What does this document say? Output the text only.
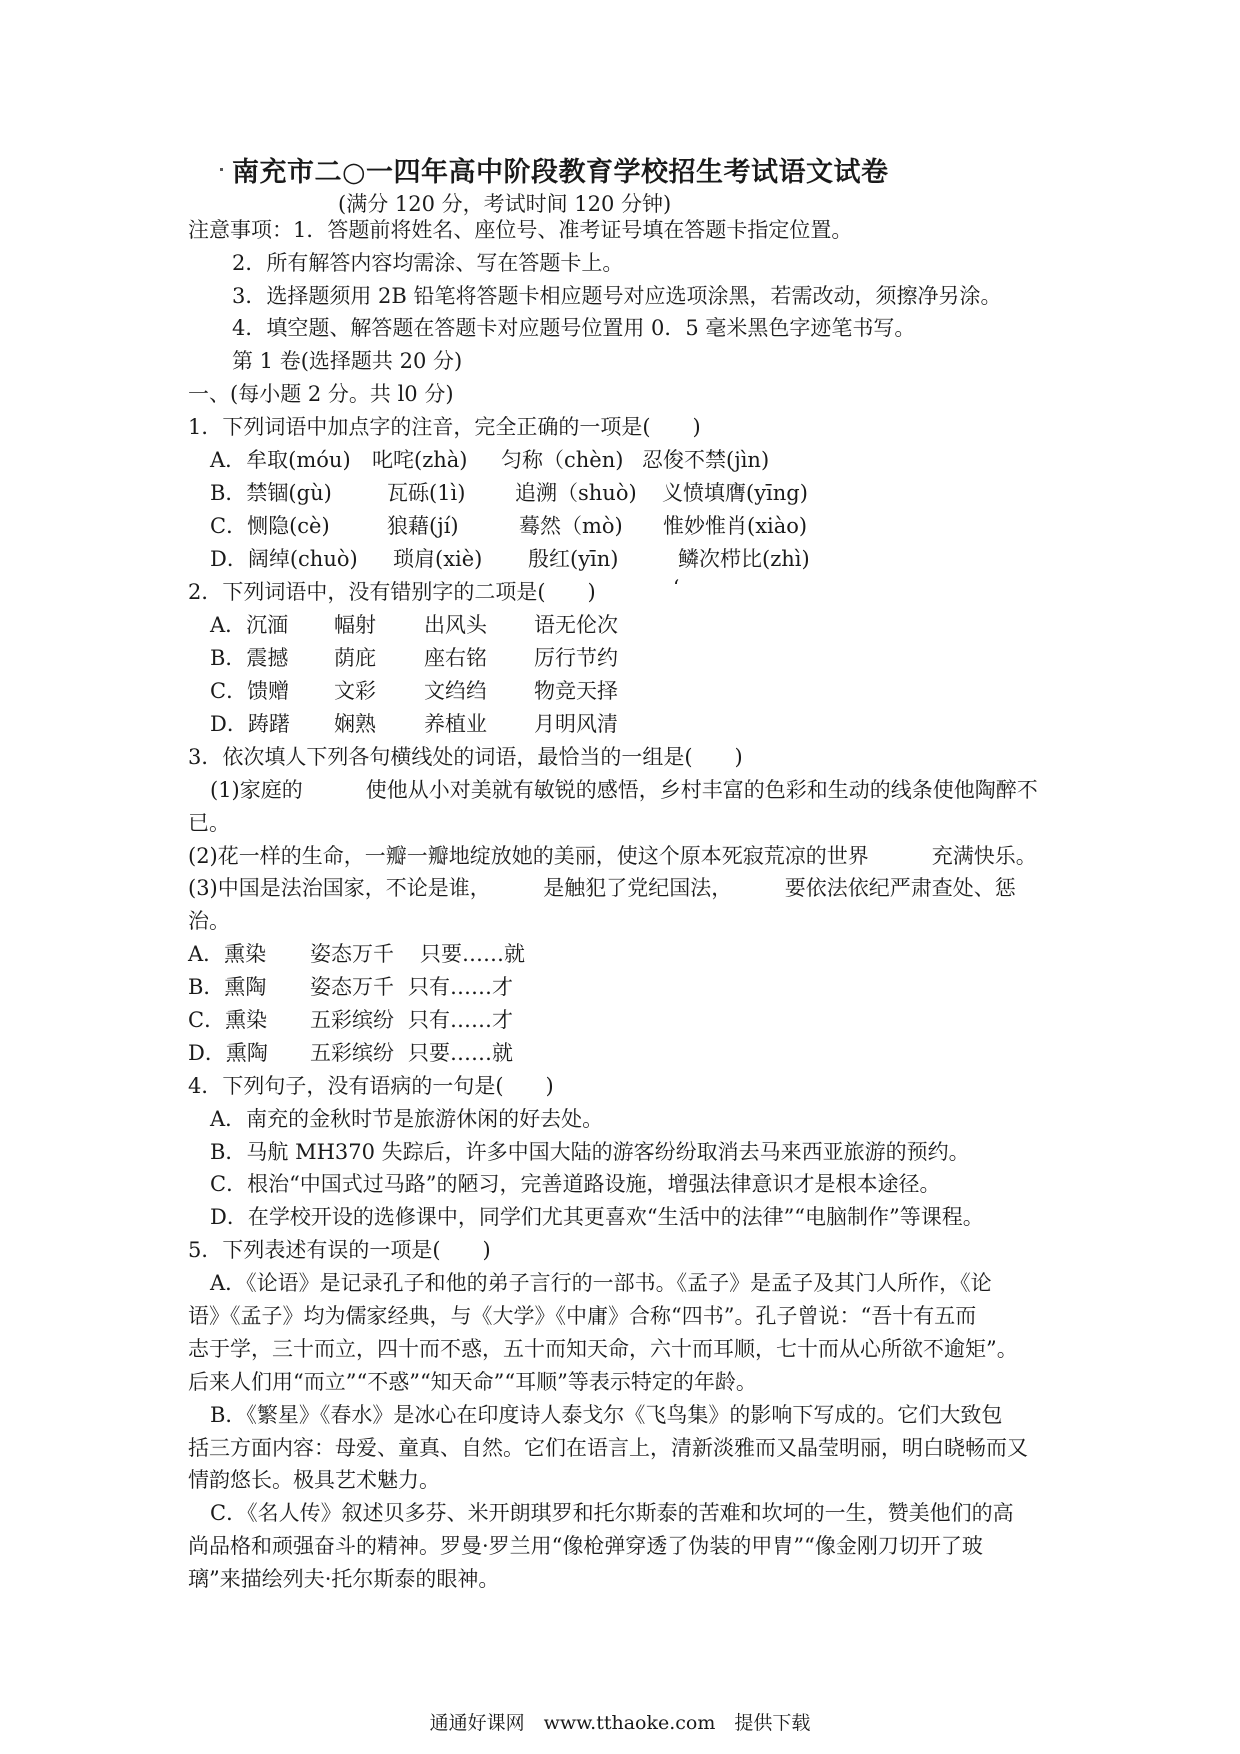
南充市二○一四年高中阶段教育学校招生考试语文试卷
(满分 120 分，考试时间 120 分钟)
注意事项：1．答题前将姓名、座位号、准考证号填在答题卡指定位置。
2．所有解答内容均需涂、写在答题卡上。
3．选择题须用 2B 铅笔将答题卡相应题号对应选项涂黑，若需改动，须擦净另涂。
4．填空题、解答题在答题卡对应题号位置用 0．5 毫米黑色字迹笔书写。
第 1 卷(选择题共 20 分)
一、(每小题 2 分。共 l0 分)
1．下列词语中加点字的注音，完全正确的一项是(　　)
A．牟取(móu) 叱咤(zhà) 匀称（chèn) 忍俊不禁(jìn)
B．禁锢(gù)	瓦砾(1ì) 追溯（shuò) 义愤填膺(yīng)
C．恻隐(cè)	狼藉(jí)	蓦然（mò) 惟妙惟肖(xiào)
D．阔绰(chuò) 琐肩(xiè) 殷红(yīn)	鳞次栉比(zhì)
2．下列词语中，没有错别字的二项是(　　)	‘
A．沉湎 幅射 出风头 语无伦次
B．震撼 荫庇 座右铭 厉行节约
C．馈赠 文彩 文绉绉 物竞天择
D．踌躇 娴熟 养植业 月明风清
3．依次填人下列各句横线处的词语，最恰当的一组是(　　)
(1)家庭的　　　使他从小对美就有敏锐的感悟，乡村丰富的色彩和生动的线条使他陶醉不
已。
(2)花一样的生命，一瓣一瓣地绽放她的美丽，使这个原本死寂荒凉的世界　　　充满快乐。
(3)中国是法治国家，不论是谁，　　　是触犯了党纪国法，　　　要依法依纪严肃查处、惩
治。
A．熏染 姿态万千 只要……就
B．熏陶 姿态万千 只有……才
C．熏染 五彩缤纷 只有……才
D．熏陶 五彩缤纷 只要……就
4．下列句子，没有语病的一句是(　　)
A．南充的金秋时节是旅游休闲的好去处。
B．马航 MH370 失踪后，许多中国大陆的游客纷纷取消去马来西亚旅游的预约。
C．根治“中国式过马路”的陋习，完善道路设施，增强法律意识才是根本途径。
D．在学校开设的选修课中，同学们尤其更喜欢“生活中的法律”“电脑制作”等课程。
5．下列表述有误的一项是(　　)
A．《论语》是记录孔子和他的弟子言行的一部书。《孟子》是孟子及其门人所作，《论
语》《孟子》均为儒家经典，与《大学》《中庸》合称“四书”。孔子曾说：“吾十有五而
志于学，三十而立，四十而不惑，五十而知天命，六十而耳顺，七十而从心所欲不逾矩”。
后来人们用“而立”“不惑”“知天命”“耳顺”等表示特定的年龄。
B．《繁星》《春水》是冰心在印度诗人泰戈尔《飞鸟集》的影响下写成的。它们大致包
括三方面内容：母爱、童真、自然。它们在语言上，清新淡雅而又晶莹明丽，明白晓畅而又
情韵悠长。极具艺术魅力。
C．《名人传》叙述贝多芬、米开朗琪罗和托尔斯泰的苦难和坎坷的一生，赞美他们的高
尚品格和顽强奋斗的精神。罗曼·罗兰用“像枪弹穿透了伪装的甲胄”“像金刚刀切开了玻
璃”来描绘列夫·托尔斯泰的眼神。
通通好课网　www.tthaoke.com　提供下载
